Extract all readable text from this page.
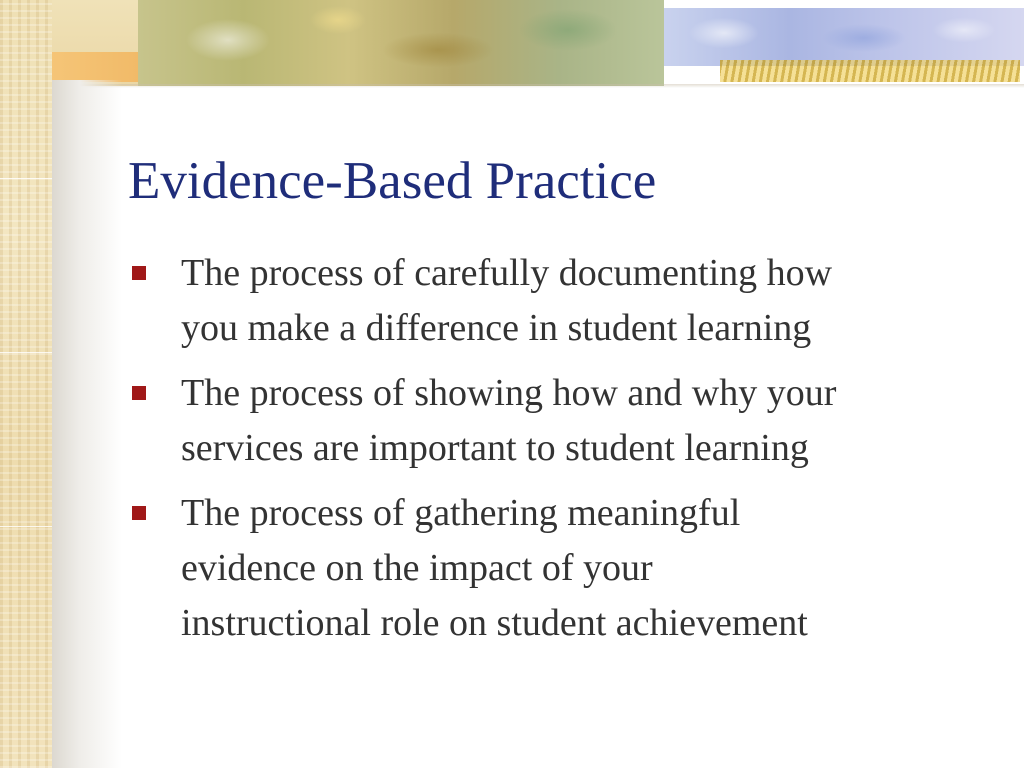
Evidence-Based Practice
The process of carefully documenting how
you make a difference in student learning
The process of showing how and why your
services are important to student learning
The process of gathering meaningful
evidence on the impact of your
instructional role on student achievement
